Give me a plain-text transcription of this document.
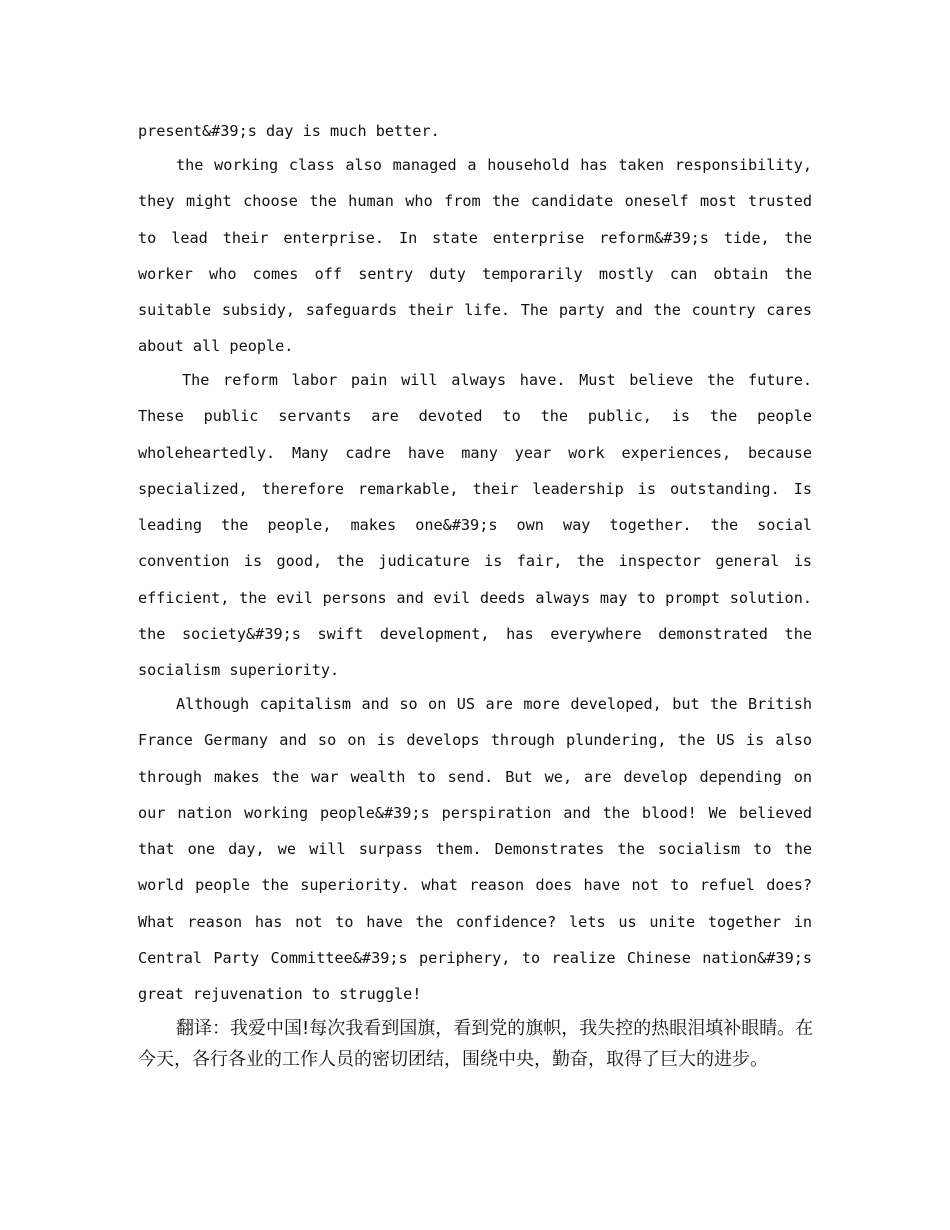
present&#39;s day is much better.

the working class also managed a household has taken responsibility, they might choose the human who from the candidate oneself most trusted to lead their enterprise. In state enterprise reform&#39;s tide, the worker who comes off sentry duty temporarily mostly can obtain the suitable subsidy, safeguards their life. The party and the country cares about all people.

The reform labor pain will always have. Must believe the future. These public servants are devoted to the public, is the people wholeheartedly. Many cadre have many year work experiences, because specialized, therefore remarkable, their leadership is outstanding. Is leading the people, makes one&#39;s own way together. the social convention is good, the judicature is fair, the inspector general is efficient, the evil persons and evil deeds always may to prompt solution. the society&#39;s swift development, has everywhere demonstrated the socialism superiority.

Although capitalism and so on US are more developed, but the British France Germany and so on is develops through plundering, the US is also through makes the war wealth to send. But we, are develop depending on our nation working people&#39;s perspiration and the blood! We believed that one day, we will surpass them. Demonstrates the socialism to the world people the superiority. what reason does have not to refuel does? What reason has not to have the confidence? lets us unite together in Central Party Committee&#39;s periphery, to realize Chinese nation&#39;s great rejuvenation to struggle!

翻译：我爱中国!每次我看到国旗，看到党的旗帜，我失控的热眼泪填补眼睛。在今天，各行各业的工作人员的密切团结，围绕中央，勤奋，取得了巨大的进步。
